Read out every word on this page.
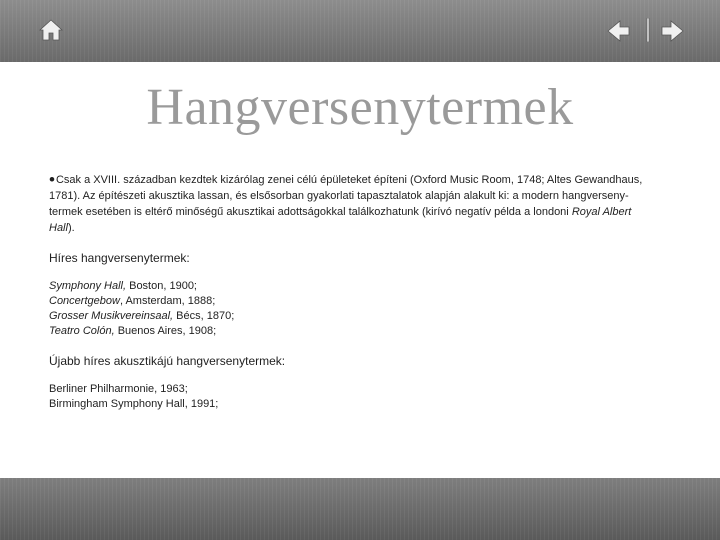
Hangversenytermek

•Csak a XVIII. században kezdtek kizárólag zenei célú épületeket építeni (Oxford Music Room, 1748; Altes Gewandhaus, 1781). Az építészeti akusztika lassan, és elsősorban gyakorlati tapasztalatok alapján alakult ki: a modern hangverseny-termek esetében is eltérő minőségű akusztikai adottságokkal találkozhatunk (kirívó negatív példa a londoni Royal Albert Hall).

Híres hangversenytermek:
Symphony Hall, Boston, 1900;
Concertgebow, Amsterdam, 1888;
Grosser Musikvereinsaal, Bécs, 1870;
Teatro Colón, Buenos Aires, 1908;
Újabb híres akusztikájú hangversenytermek:
Berliner Philharmonie, 1963;
Birmingham Symphony Hall, 1991;
